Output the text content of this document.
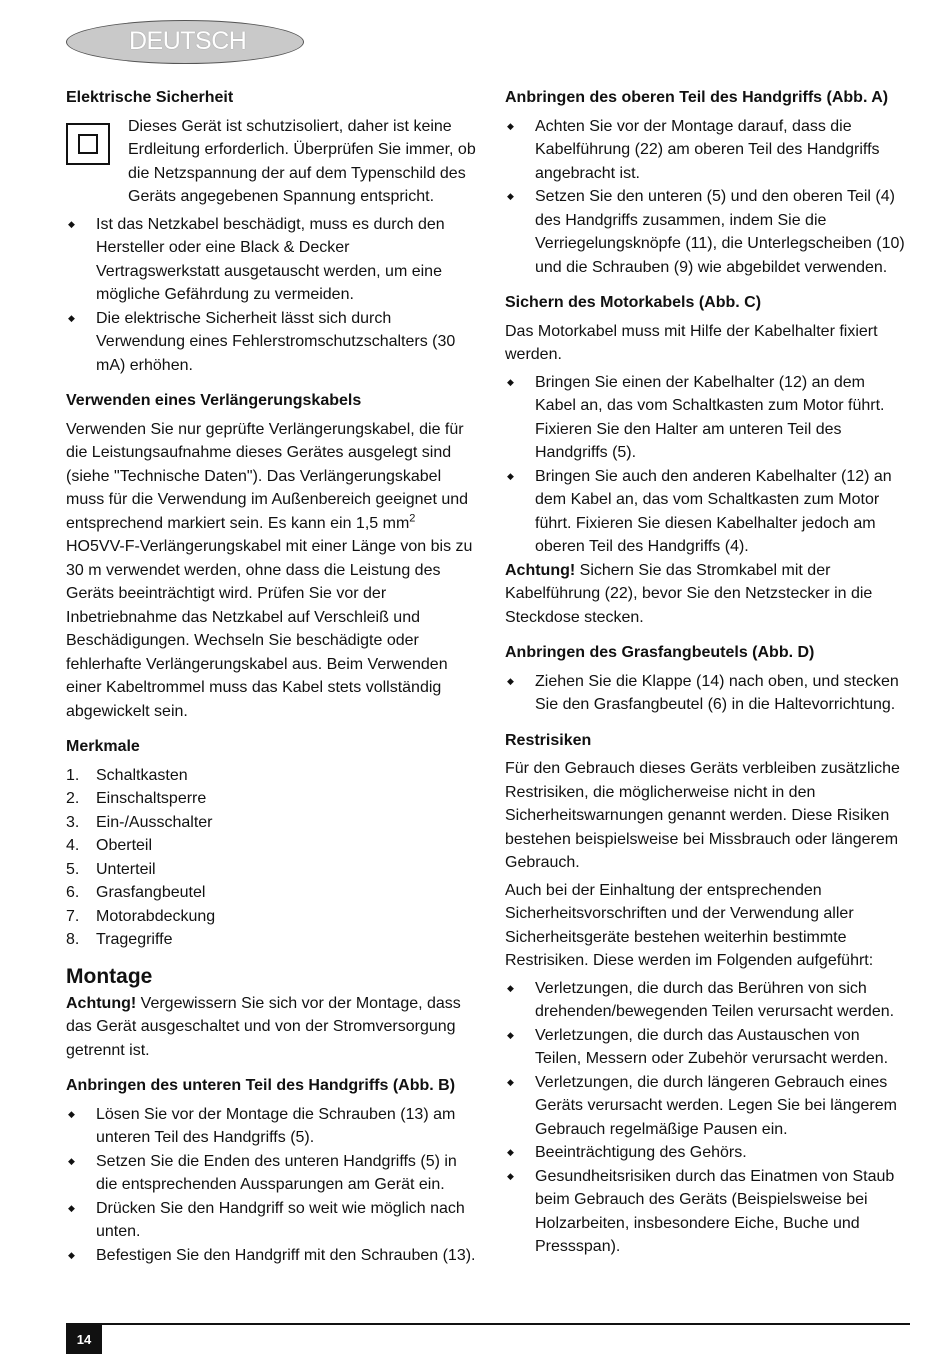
DEUTSCH
Elektrische Sicherheit

Dieses Gerät ist schutzisoliert, daher ist keine Erdleitung erforderlich. Überprüfen Sie immer, ob die Netzspannung der auf dem Typenschild des Geräts angegebenen Spannung entspricht.

◆ Ist das Netzkabel beschädigt, muss es durch den Hersteller oder eine Black & Decker Vertragswerkstatt ausgetauscht werden, um eine mögliche Gefährdung zu vermeiden.
◆ Die elektrische Sicherheit lässt sich durch Verwendung eines Fehlerstromschutzschalters (30 mA) erhöhen.
Verwenden eines Verlängerungskabels

Verwenden Sie nur geprüfte Verlängerungskabel, die für die Leistungsaufnahme dieses Gerätes ausgelegt sind (siehe "Technische Daten"). Das Verlängerungskabel muss für die Verwendung im Außenbereich geeignet und entsprechend markiert sein. Es kann ein 1,5 $mm^2$ HO5VV-F-Verlängerungskabel mit einer Länge von bis zu 30 m verwendet werden, ohne dass die Leistung des Geräts beeinträchtigt wird. Prüfen Sie vor der Inbetriebnahme das Netzkabel auf Verschleiß und Beschädigungen. Wechseln Sie beschädigte oder fehlerhafte Verlängerungskabel aus. Beim Verwenden einer Kabeltrommel muss das Kabel stets vollständig abgewickelt sein.

Merkmale
1. Schaltkasten
2. Einschaltsperre
3. Ein-/Ausschalter
4. Oberteil
5. Unterteil
6. Grasfangbeutel
7. Motorabdeckung
8. Tragegriffe
Montage

Achtung! Vergewissern Sie sich vor der Montage, dass das Gerät ausgeschaltet und von der Stromversorgung getrennt ist.

Anbringen des unteren Teil des Handgriffs (Abb. B)
◆ Lösen Sie vor der Montage die Schrauben (13) am unteren Teil des Handgriffs (5).
◆ Setzen Sie die Enden des unteren Handgriffs (5) in die entsprechenden Aussparungen am Gerät ein.
◆ Drücken Sie den Handgriff so weit wie möglich nach unten.
◆ Befestigen Sie den Handgriff mit den Schrauben (13).
Anbringen des oberen Teil des Handgriffs (Abb. A)
◆ Achten Sie vor der Montage darauf, dass die Kabelführung (22) am oberen Teil des Handgriffs angebracht ist.
◆ Setzen Sie den unteren (5) und den oberen Teil (4) des Handgriffs zusammen, indem Sie die Verriegelungsknöpfe (11), die Unterlegscheiben (10) und die Schrauben (9) wie abgebildet verwenden.
Sichern des Motorkabels (Abb. C)

Das Motorkabel muss mit Hilfe der Kabelhalter fixiert werden.

◆ Bringen Sie einen der Kabelhalter (12) an dem Kabel an, das vom Schaltkasten zum Motor führt. Fixieren Sie den Halter am unteren Teil des Handgriffs (5).
◆ Bringen Sie auch den anderen Kabelhalter (12) an dem Kabel an, das vom Schaltkasten zum Motor führt. Fixieren Sie diesen Kabelhalter jedoch am oberen Teil des Handgriffs (4).

Achtung! Sichern Sie das Stromkabel mit der Kabelführung (22), bevor Sie den Netzstecker in die Steckdose stecken.

Anbringen des Grasfangbeutels (Abb. D)
◆ Ziehen Sie die Klappe (14) nach oben, und stecken Sie den Grasfangbeutel (6) in die Haltevorrichtung.
Restrisiken

Für den Gebrauch dieses Geräts verbleiben zusätzliche Restrisiken, die möglicherweise nicht in den Sicherheitswarnungen genannt werden. Diese Risiken bestehen beispielsweise bei Missbrauch oder längerem Gebrauch.

Auch bei der Einhaltung der entsprechenden Sicherheitsvorschriften und der Verwendung aller Sicherheitsgeräte bestehen weiterhin bestimmte Restrisiken. Diese werden im Folgenden aufgeführt:

◆ Verletzungen, die durch das Berühren von sich drehenden/bewegenden Teilen verursacht werden.
◆ Verletzungen, die durch das Austauschen von Teilen, Messern oder Zubehör verursacht werden.
◆ Verletzungen, die durch längeren Gebrauch eines Geräts verursacht werden. Legen Sie bei längerem Gebrauch regelmäßige Pausen ein.
◆ Beeinträchtigung des Gehörs.
◆ Gesundheitsrisiken durch das Einatmen von Staub beim Gebrauch des Geräts (Beispielsweise bei Holzarbeiten, insbesondere Eiche, Buche und Pressspan).
14
